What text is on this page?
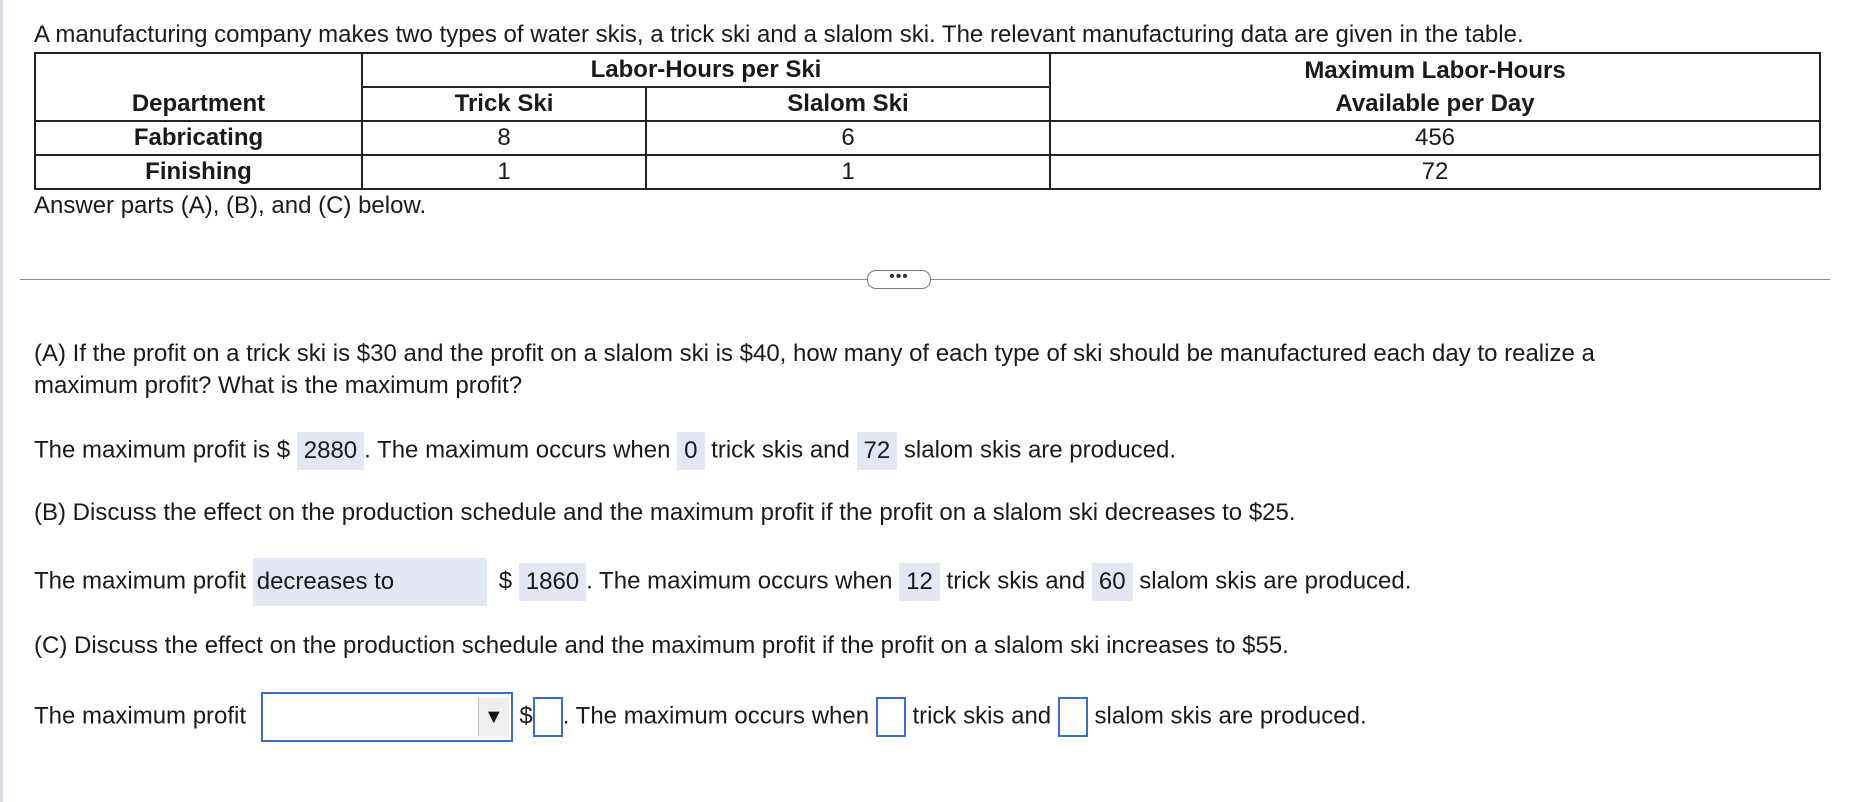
A manufacturing company makes two types of water skis, a trick ski and a slalom ski. The relevant manufacturing data are given in the table.
	Labor-Hours per Ski		Maximum Labor-Hours
Department	Trick Ski	Slalom Ski	Available per Day
Fabricating	8	6	456
Finishing	1	1	72
Answer parts (A), (B), and (C) below.
•••
(A) If the profit on a trick ski is $30 and the profit on a slalom ski is $40, how many of each type of ski should be manufactured each day to realize a
maximum profit? What is the maximum profit?
The maximum profit is $ 2880 . The maximum occurs when 0 trick skis and 72 slalom skis are produced.
(B) Discuss the effect on the production schedule and the maximum profit if the profit on a slalom ski decreases to $25.
The maximum profit decreases to	$ 1860 . The maximum occurs when 12 trick skis and 60 slalom skis are produced.
(C) Discuss the effect on the production schedule and the maximum profit if the profit on a slalom ski increases to $55.
The maximum profit	▼ $ . The maximum occurs when trick skis and slalom skis are produced.
